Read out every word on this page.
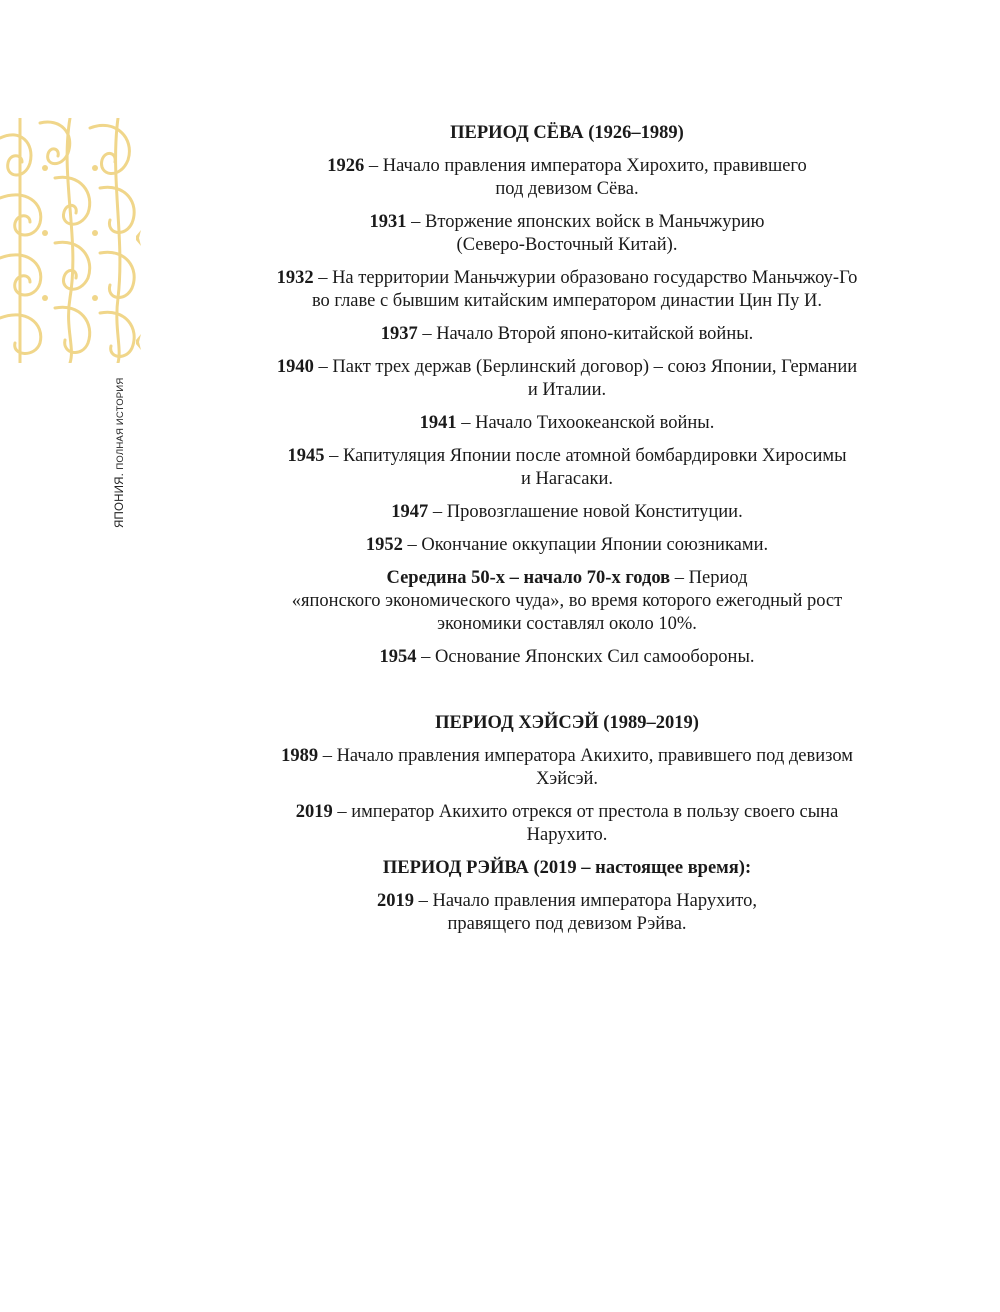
ЯПОНИЯ. ПОЛНАЯ ИСТОРИЯ
ПЕРИОД СЁВА (1926–1989)
1926 – Начало правления императора Хирохито, правившего
под девизом Сёва.
1931 – Вторжение японских войск в Маньчжурию
(Северо-Восточный Китай).
1932 – На территории Маньчжурии образовано государство Маньчжоу-Го
во главе с бывшим китайским императором династии Цин Пу И.
1937 – Начало Второй японо-китайской войны.
1940 – Пакт трех держав (Берлинский договор) – союз Японии, Германии
и Италии.
1941 – Начало Тихоокеанской войны.
1945 – Капитуляция Японии после атомной бомбардировки Хиросимы
и Нагасаки.
1947 – Провозглашение новой Конституции.
1952 – Окончание оккупации Японии союзниками.
Середина 50-х – начало 70-х годов – Период
«японского экономического чуда», во время которого ежегодный рост
экономики составлял около 10%.
1954 – Основание Японских Сил самообороны.
ПЕРИОД ХЭЙСЭЙ (1989–2019)
1989 – Начало правления императора Акихито, правившего под девизом
Хэйсэй.
2019 – император Акихито отрекся от престола в пользу своего сына
Нарухито.
ПЕРИОД РЭЙВА (2019 – настоящее время):
2019 – Начало правления императора Нарухито,
правящего под девизом Рэйва.
